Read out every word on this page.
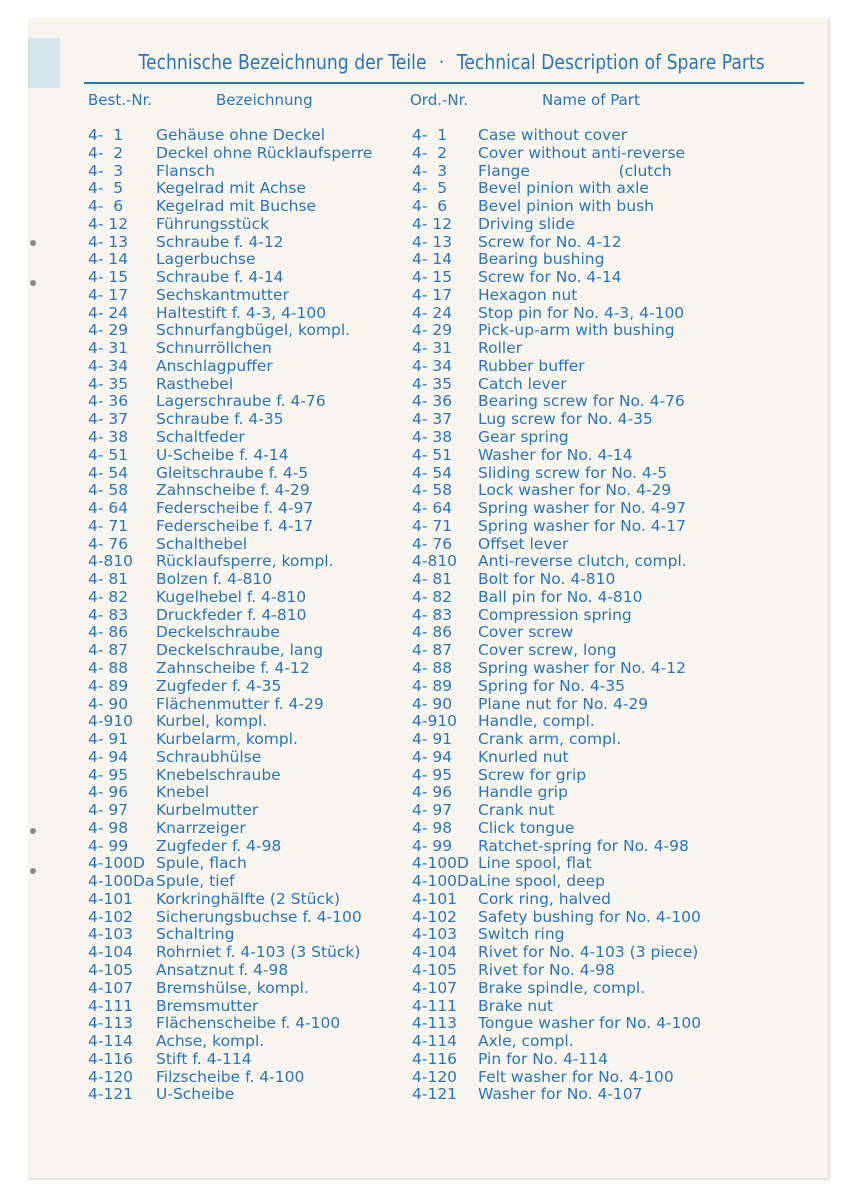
Technische Bezeichnung der Teile · Technical Description of Spare Parts
Best.-Nr.	Bezeichnung	Ord.-Nr.	Name of Part
4-  1 Gehäuse ohne Deckel	4-  1 Case without cover
4-  2 Deckel ohne Rücklaufsperre	4-  2 Cover without anti-reverse
4-  3 Flansch	4-  3 Flange                  (clutch
4-  5 Kegelrad mit Achse	4-  5 Bevel pinion with axle
4-  6 Kegelrad mit Buchse	4-  6 Bevel pinion with bush
4- 12 Führungsstück	4- 12 Driving slide
4- 13 Schraube f. 4-12	4- 13 Screw for No. 4-12
4- 14 Lagerbuchse	4- 14 Bearing bushing
4- 15 Schraube f. 4-14	4- 15 Screw for No. 4-14
4- 17 Sechskantmutter	4- 17 Hexagon nut
4- 24 Haltestift f. 4-3, 4-100	4- 24 Stop pin for No. 4-3, 4-100
4- 29 Schnurfangbügel, kompl.	4- 29 Pick-up-arm with bushing
4- 31 Schnurröllchen	4- 31 Roller
4- 34 Anschlagpuffer	4- 34 Rubber buffer
4- 35 Rasthebel	4- 35 Catch lever
4- 36 Lagerschraube f. 4-76	4- 36 Bearing screw for No. 4-76
4- 37 Schraube f. 4-35	4- 37 Lug screw for No. 4-35
4- 38 Schaltfeder	4- 38 Gear spring
4- 51 U-Scheibe f. 4-14	4- 51 Washer for No. 4-14
4- 54 Gleitschraube f. 4-5	4- 54 Sliding screw for No. 4-5
4- 58 Zahnscheibe f. 4-29	4- 58 Lock washer for No. 4-29
4- 64 Federscheibe f. 4-97	4- 64 Spring washer for No. 4-97
4- 71 Federscheibe f. 4-17	4- 71 Spring washer for No. 4-17
4- 76 Schalthebel	4- 76 Offset lever
4-810 Rücklaufsperre, kompl.	4-810 Anti-reverse clutch, compl.
4- 81 Bolzen f. 4-810	4- 81 Bolt for No. 4-810
4- 82 Kugelhebel f. 4-810	4- 82 Ball pin for No. 4-810
4- 83 Druckfeder f. 4-810	4- 83 Compression spring
4- 86 Deckelschraube	4- 86 Cover screw
4- 87 Deckelschraube, lang	4- 87 Cover screw, long
4- 88 Zahnscheibe f. 4-12	4- 88 Spring washer for No. 4-12
4- 89 Zugfeder f. 4-35	4- 89 Spring for No. 4-35
4- 90 Flächenmutter f. 4-29	4- 90 Plane nut for No. 4-29
4-910 Kurbel, kompl.	4-910 Handle, compl.
4- 91 Kurbelarm, kompl.	4- 91 Crank arm, compl.
4- 94 Schraubhülse	4- 94 Knurled nut
4- 95 Knebelschraube	4- 95 Screw for grip
4- 96 Knebel	4- 96 Handle grip
4- 97 Kurbelmutter	4- 97 Crank nut
4- 98 Knarrzeiger	4- 98 Click tongue
4- 99 Zugfeder f. 4-98	4- 99 Ratchet-spring for No. 4-98
4-100D Spule, flach	4-100D Line spool, flat
4-100Da Spule, tief	4-100Da Line spool, deep
4-101 Korkringhälfte (2 Stück)	4-101 Cork ring, halved
4-102 Sicherungsbuchse f. 4-100	4-102 Safety bushing for No. 4-100
4-103 Schaltring	4-103 Switch ring
4-104 Rohrniet f. 4-103 (3 Stück)	4-104 Rivet for No. 4-103 (3 piece)
4-105 Ansatznut f. 4-98	4-105 Rivet for No. 4-98
4-107 Bremshülse, kompl.	4-107 Brake spindle, compl.
4-111 Bremsmutter	4-111 Brake nut
4-113 Flächenscheibe f. 4-100	4-113 Tongue washer for No. 4-100
4-114 Achse, kompl.	4-114 Axle, compl.
4-116 Stift f. 4-114	4-116 Pin for No. 4-114
4-120 Filzscheibe f. 4-100	4-120 Felt washer for No. 4-100
4-121 U-Scheibe	4-121 Washer for No. 4-107
